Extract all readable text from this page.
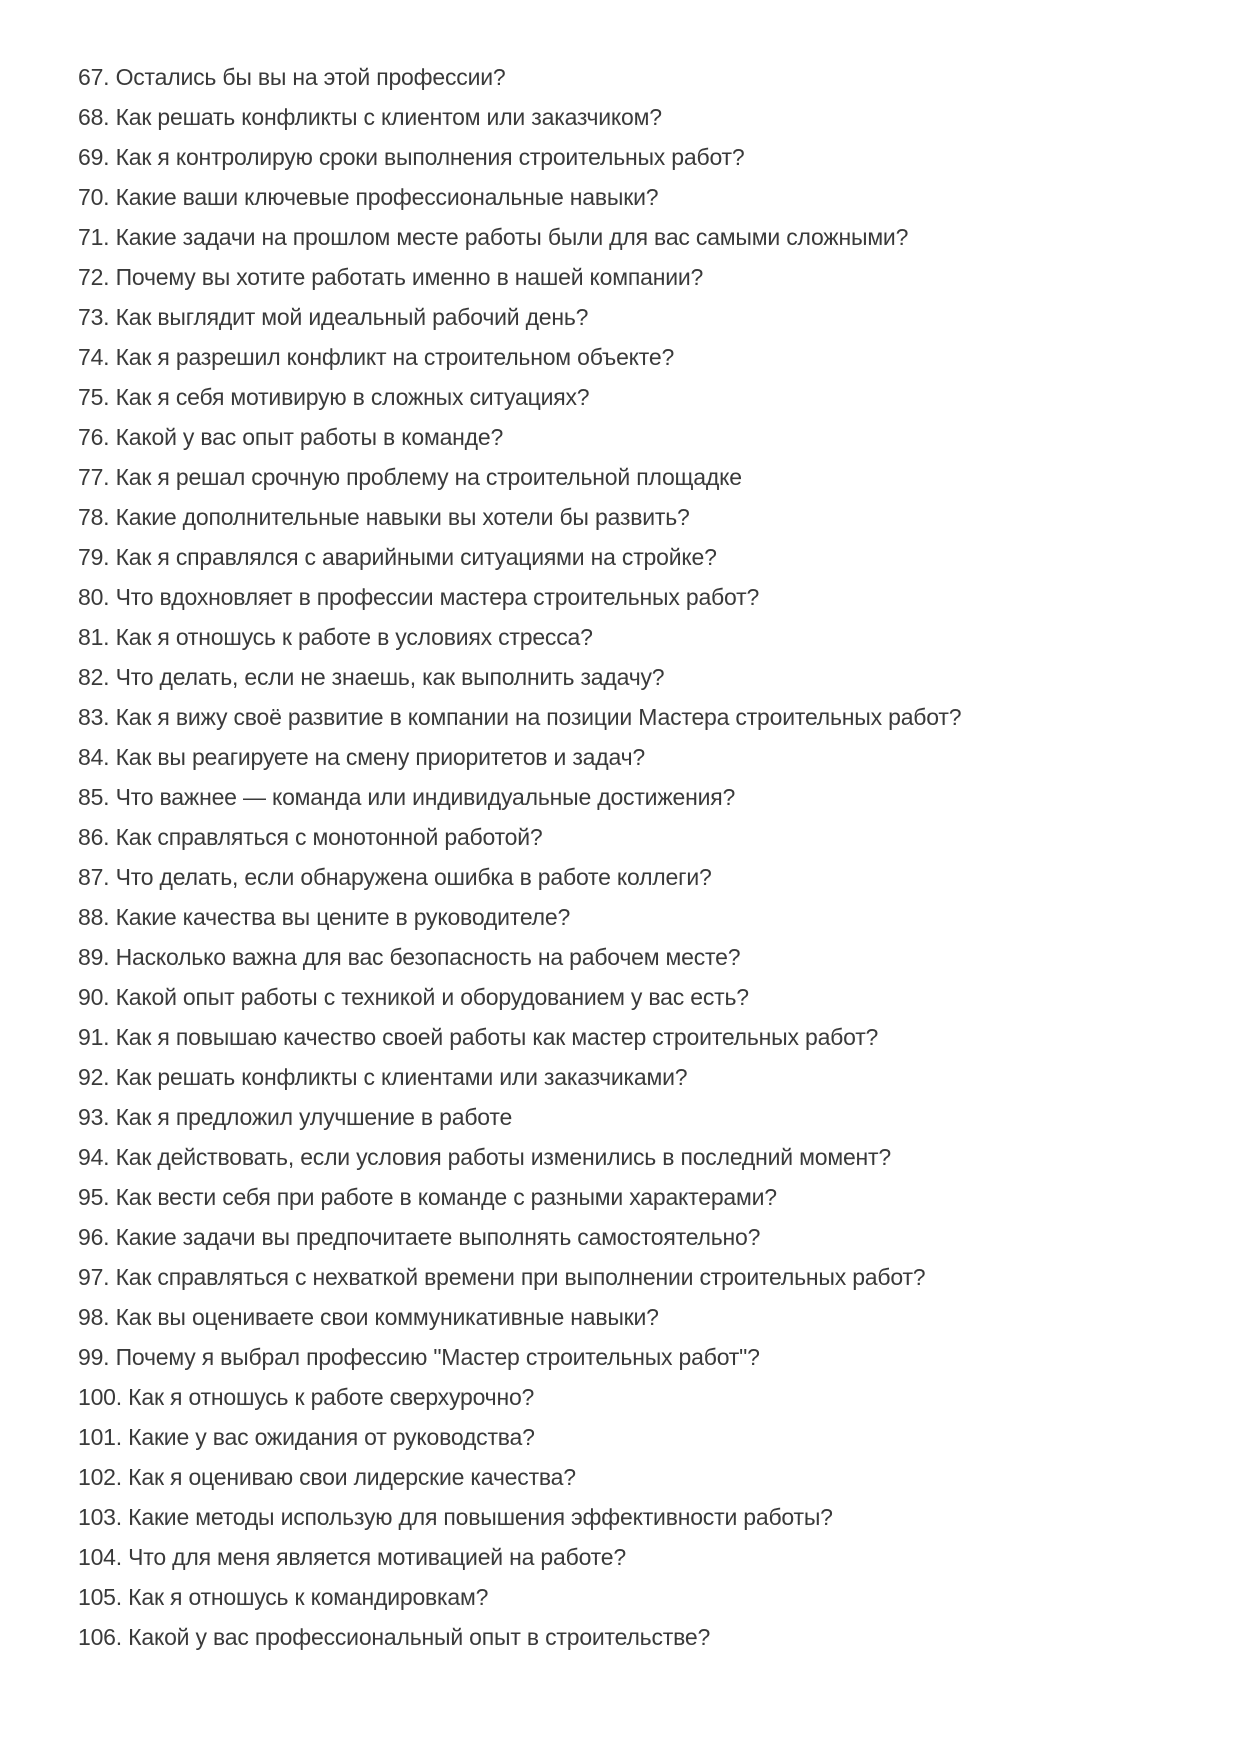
67. Остались бы вы на этой профессии?
68. Как решать конфликты с клиентом или заказчиком?
69. Как я контролирую сроки выполнения строительных работ?
70. Какие ваши ключевые профессиональные навыки?
71. Какие задачи на прошлом месте работы были для вас самыми сложными?
72. Почему вы хотите работать именно в нашей компании?
73. Как выглядит мой идеальный рабочий день?
74. Как я разрешил конфликт на строительном объекте?
75. Как я себя мотивирую в сложных ситуациях?
76. Какой у вас опыт работы в команде?
77. Как я решал срочную проблему на строительной площадке
78. Какие дополнительные навыки вы хотели бы развить?
79. Как я справлялся с аварийными ситуациями на стройке?
80. Что вдохновляет в профессии мастера строительных работ?
81. Как я отношусь к работе в условиях стресса?
82. Что делать, если не знаешь, как выполнить задачу?
83. Как я вижу своё развитие в компании на позиции Мастера строительных работ?
84. Как вы реагируете на смену приоритетов и задач?
85. Что важнее — команда или индивидуальные достижения?
86. Как справляться с монотонной работой?
87. Что делать, если обнаружена ошибка в работе коллеги?
88. Какие качества вы цените в руководителе?
89. Насколько важна для вас безопасность на рабочем месте?
90. Какой опыт работы с техникой и оборудованием у вас есть?
91. Как я повышаю качество своей работы как мастер строительных работ?
92. Как решать конфликты с клиентами или заказчиками?
93. Как я предложил улучшение в работе
94. Как действовать, если условия работы изменились в последний момент?
95. Как вести себя при работе в команде с разными характерами?
96. Какие задачи вы предпочитаете выполнять самостоятельно?
97. Как справляться с нехваткой времени при выполнении строительных работ?
98. Как вы оцениваете свои коммуникативные навыки?
99. Почему я выбрал профессию "Мастер строительных работ"?
100. Как я отношусь к работе сверхурочно?
101. Какие у вас ожидания от руководства?
102. Как я оцениваю свои лидерские качества?
103. Какие методы использую для повышения эффективности работы?
104. Что для меня является мотивацией на работе?
105. Как я отношусь к командировкам?
106. Какой у вас профессиональный опыт в строительстве?
